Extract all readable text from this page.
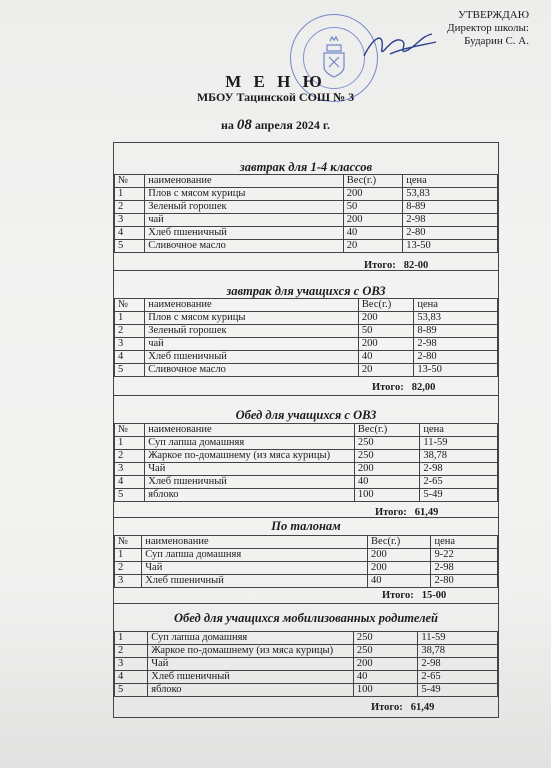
УТВЕРЖДАЮ
Директор школы:
Бударин С. А.
М Е Н Ю
МБОУ Тацинской СОШ № 3
на 08 апреля 2024 г.
завтрак для 1-4 классов
№	наименование	Вес(г.)	цена
1	Плов с мясом курицы	200	53,83
2	Зеленый горошек	50	8-89
3	чай	200	2-98
4	Хлеб пшеничный	40	2-80
5	Сливочное масло	20	13-50
Итого: 82-00
завтрак для учащихся с ОВЗ
№	наименование	Вес(г.)	цена
1	Плов с мясом курицы	200	53,83
2	Зеленый горошек	50	8-89
3	чай	200	2-98
4	Хлеб пшеничный	40	2-80
5	Сливочное масло	20	13-50
Итого: 82,00
Обед для учащихся с ОВЗ
№	наименование	Вес(г.)	цена
1	Суп лапша домашняя	250	11-59
2	Жаркое по-домашнему (из мяса курицы)	250	38,78
3	Чай	200	2-98
4	Хлеб пшеничный	40	2-65
5	яблоко	100	5-49
Итого: 61,49
По талонам
№	наименование	Вес(г.)	цена
1	Суп лапша домашняя	200	9-22
2	Чай	200	2-98
3	Хлеб пшеничный	40	2-80
Итого: 15-00
Обед для учащихся мобилизованных родителей
1	Суп лапша домашняя	250	11-59
2	Жаркое по-домашнему (из мяса курицы)	250	38,78
3	Чай	200	2-98
4	Хлеб пшеничный	40	2-65
5	яблоко	100	5-49
Итого: 61,49
